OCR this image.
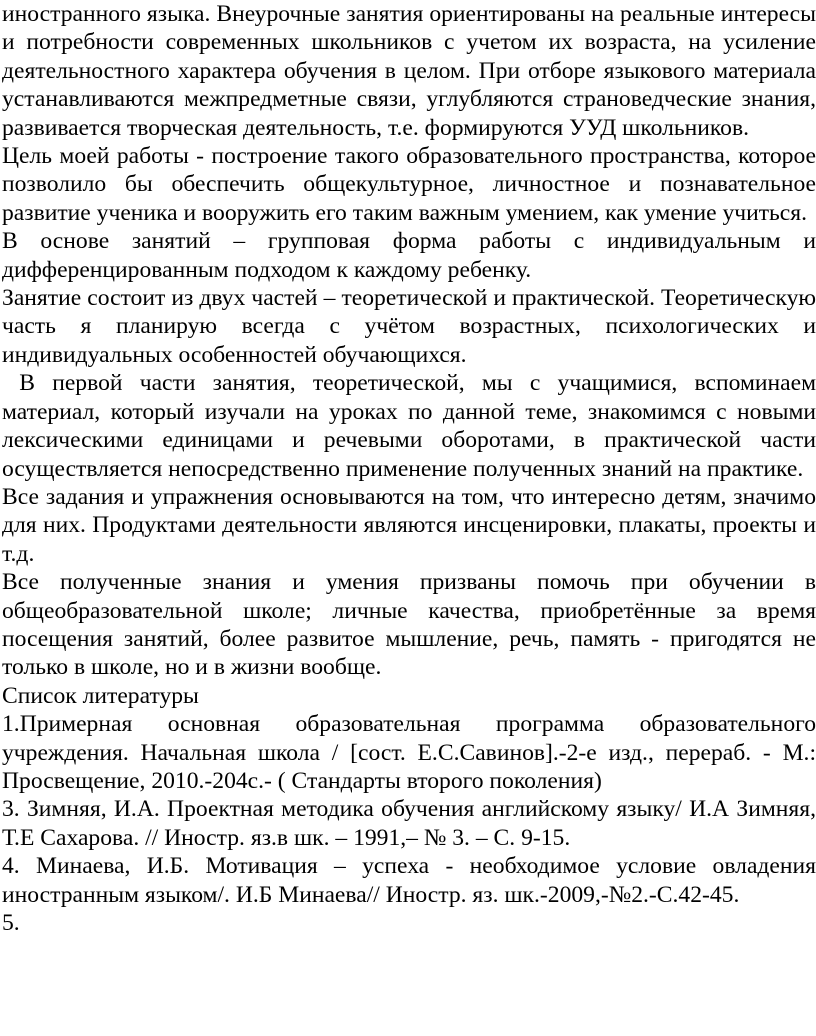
иностранного языка. Внеурочные занятия ориентированы на реальные интересы и потребности современных школьников с учетом их возраста, на усиление деятельностного характера обучения в целом. При отборе языкового материала устанавливаются межпредметные связи, углубляются страноведческие знания, развивается творческая деятельность, т.е. формируются УУД школьников.

Цель моей работы - построение такого образовательного пространства, которое позволило бы обеспечить общекультурное, личностное и познавательное развитие ученика и вооружить его таким важным умением, как умение учиться.

В основе занятий – групповая форма работы с индивидуальным и дифференцированным подходом к каждому ребенку.

Занятие состоит из двух частей – теоретической и практической. Теоретическую часть я планирую всегда с учётом возрастных, психологических и индивидуальных особенностей обучающихся.

В первой части занятия, теоретической, мы с учащимися, вспоминаем материал, который изучали на уроках по данной теме, знакомимся с новыми лексическими единицами и речевыми оборотами, в практической части осуществляется непосредственно применение полученных знаний на практике.

Все задания и упражнения основываются на том, что интересно детям, значимо для них. Продуктами деятельности являются инсценировки, плакаты, проекты и т.д.

Все полученные знания и умения призваны помочь при обучении в общеобразовательной школе; личные качества, приобретённые за время посещения занятий, более развитое мышление, речь, память - пригодятся не только в школе, но и в жизни вообще.

Список литературы

1.Примерная основная образовательная программа образовательного учреждения. Начальная школа / [сост. Е.С.Савинов].-2-е изд., перераб. - М.: Просвещение, 2010.-204с.- ( Стандарты второго поколения)

3. Зимняя, И.А. Проектная методика обучения английскому языку/ И.А Зимняя, Т.Е Сахарова. // Иностр. яз.в шк. – 1991,– № 3. – С. 9-15.

4. Минаева, И.Б. Мотивация – успеха - необходимое условие овладения иностранным языком/. И.Б Минаева// Иностр. яз. шк.-2009,-№2.-С.42-45.

5.
